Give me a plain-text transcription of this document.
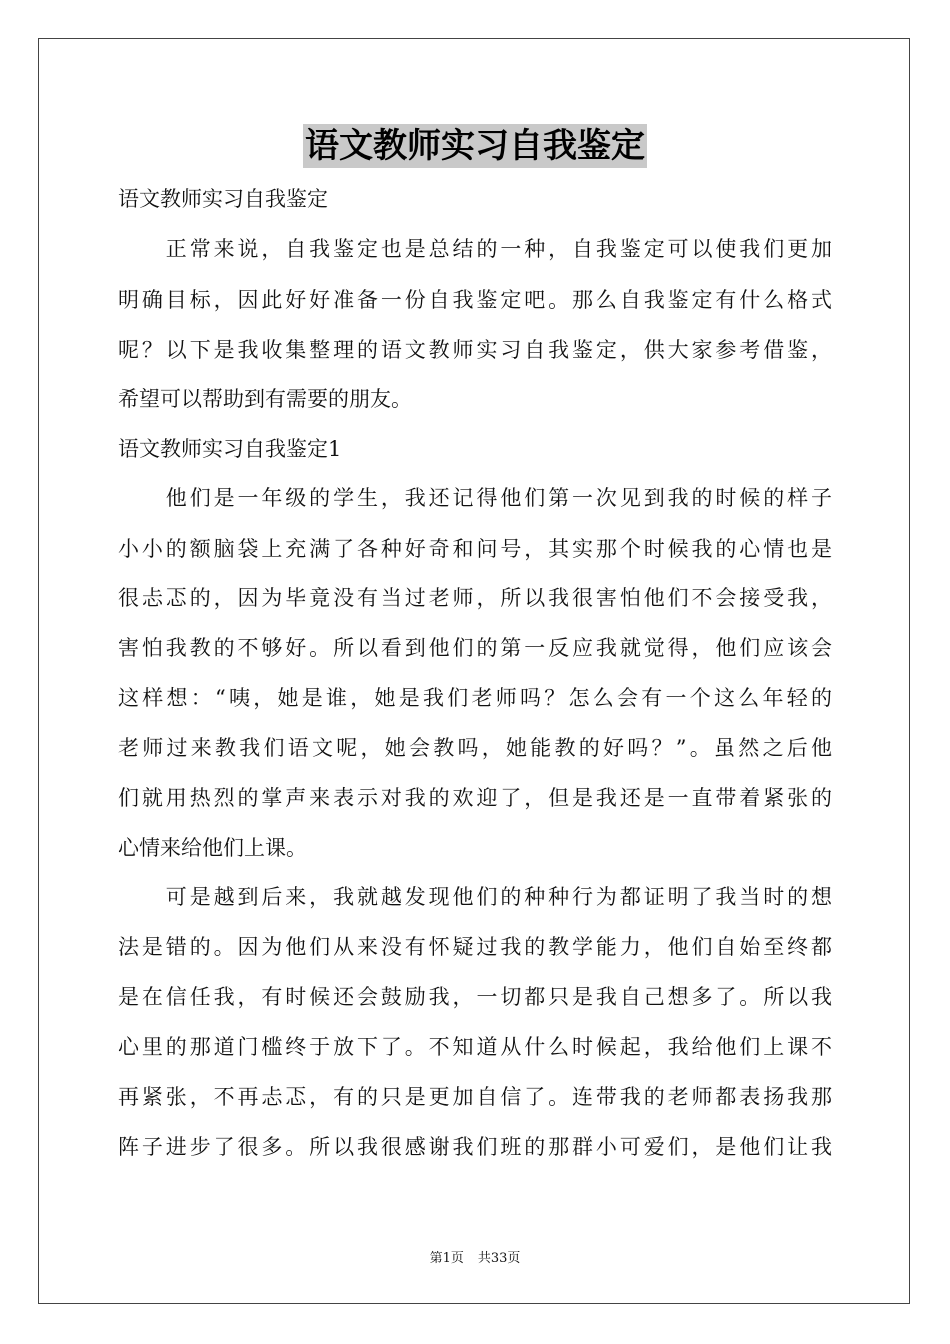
语文教师实习自我鉴定
语文教师实习自我鉴定
　　正常来说，自我鉴定也是总结的一种，自我鉴定可以使我们更加
明确目标，因此好好准备一份自我鉴定吧。那么自我鉴定有什么格式
呢？以下是我收集整理的语文教师实习自我鉴定，供大家参考借鉴，
希望可以帮助到有需要的朋友。
语文教师实习自我鉴定1
　　他们是一年级的学生，我还记得他们第一次见到我的时候的样子
小小的额脑袋上充满了各种好奇和问号，其实那个时候我的心情也是
很忐忑的，因为毕竟没有当过老师，所以我很害怕他们不会接受我，
害怕我教的不够好。所以看到他们的第一反应我就觉得，他们应该会
这样想：“咦，她是谁，她是我们老师吗？怎么会有一个这么年轻的
老师过来教我们语文呢，她会教吗，她能教的好吗？”。虽然之后他
们就用热烈的掌声来表示对我的欢迎了，但是我还是一直带着紧张的
心情来给他们上课。
　　可是越到后来，我就越发现他们的种种行为都证明了我当时的想
法是错的。因为他们从来没有怀疑过我的教学能力，他们自始至终都
是在信任我，有时候还会鼓励我，一切都只是我自己想多了。所以我
心里的那道门槛终于放下了。不知道从什么时候起，我给他们上课不
再紧张，不再忐忑，有的只是更加自信了。连带我的老师都表扬我那
阵子进步了很多。所以我很感谢我们班的那群小可爱们，是他们让我
第1页 共33页
